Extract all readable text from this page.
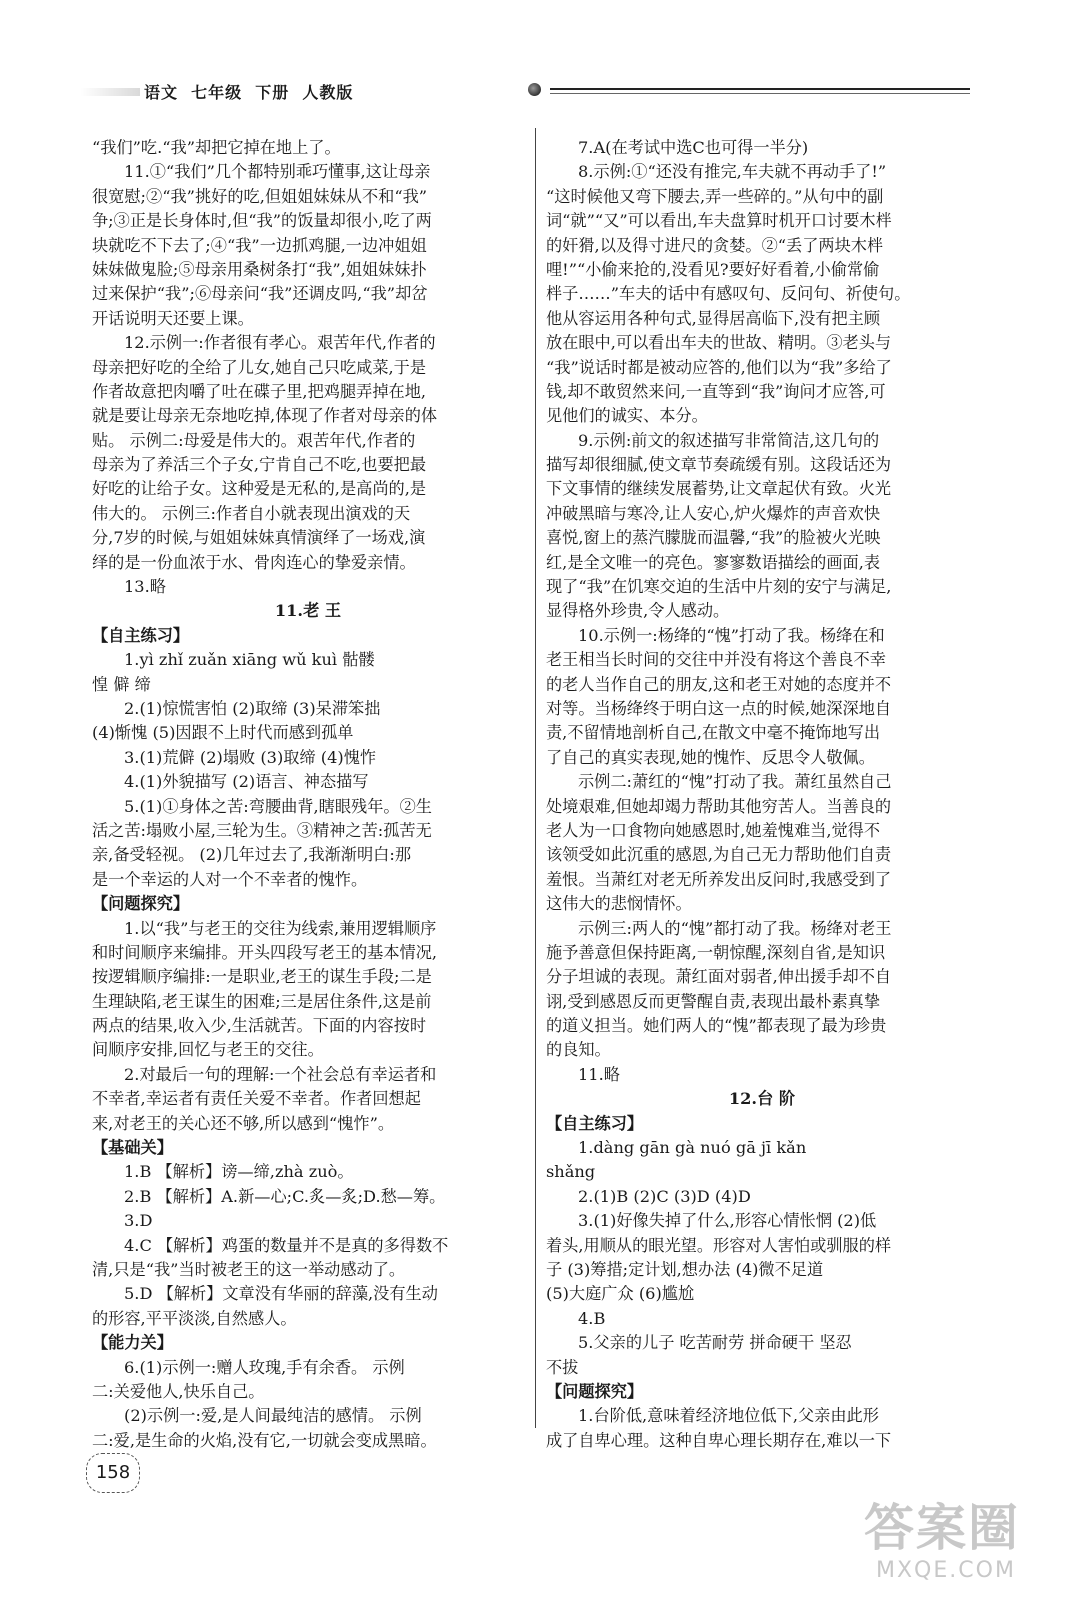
语文  七年级  下册  人教版
“我们”吃.“我”却把它掉在地上了。
11.①“我们”几个都特别乖巧懂事,这让母亲
很宽慰;②“我”挑好的吃,但姐姐妹妹从不和“我”
争;③正是长身体时,但“我”的饭量却很小,吃了两
块就吃不下去了;④“我”一边抓鸡腿,一边冲姐姐
妹妹做鬼脸;⑤母亲用桑树条打“我”,姐姐妹妹扑
过来保护“我”;⑥母亲问“我”还调皮吗,“我”却岔
开话说明天还要上课。
12.示例一:作者很有孝心。艰苦年代,作者的
母亲把好吃的全给了儿女,她自己只吃咸菜,于是
作者故意把肉嚼了吐在碟子里,把鸡腿弄掉在地,
就是要让母亲无奈地吃掉,体现了作者对母亲的体
贴。 示例二:母爱是伟大的。艰苦年代,作者的
母亲为了养活三个子女,宁肯自己不吃,也要把最
好吃的让给子女。这种爱是无私的,是高尚的,是
伟大的。 示例三:作者自小就表现出演戏的天
分,7岁的时候,与姐姐妹妹真情演绎了一场戏,演
绎的是一份血浓于水、骨肉连心的挚爱亲情。
13.略
11.老 王
【自主练习】
1.yì zhǐ zuǎn xiāng wǔ kuì 骷髅
惶 僻 缔
2.(1)惊慌害怕 (2)取缔 (3)呆滞笨拙
(4)惭愧 (5)因跟不上时代而感到孤单
3.(1)荒僻 (2)塌败 (3)取缔 (4)愧怍
4.(1)外貌描写 (2)语言、神态描写
5.(1)①身体之苦:弯腰曲背,瞎眼残年。②生
活之苦:塌败小屋,三轮为生。③精神之苦:孤苦无
亲,备受轻视。 (2)几年过去了,我渐渐明白:那
是一个幸运的人对一个不幸者的愧怍。
【问题探究】
1.以“我”与老王的交往为线索,兼用逻辑顺序
和时间顺序来编排。开头四段写老王的基本情况,
按逻辑顺序编排:一是职业,老王的谋生手段;二是
生理缺陷,老王谋生的困难;三是居住条件,这是前
两点的结果,收入少,生活就苦。下面的内容按时
间顺序安排,回忆与老王的交往。
2.对最后一句的理解:一个社会总有幸运者和
不幸者,幸运者有责任关爱不幸者。作者回想起
来,对老王的关心还不够,所以感到“愧怍”。
【基础关】
1.B 【解析】谤—缔,zhà zuò。
2.B 【解析】A.新—心;C.炙—炙;D.愁—筹。
3.D
4.C 【解析】鸡蛋的数量并不是真的多得数不
清,只是“我”当时被老王的这一举动感动了。
5.D 【解析】文章没有华丽的辞藻,没有生动
的形容,平平淡淡,自然感人。
【能力关】
6.(1)示例一:赠人玫瑰,手有余香。 示例
二:关爱他人,快乐自己。
(2)示例一:爱,是人间最纯洁的感情。 示例
二:爱,是生命的火焰,没有它,一切就会变成黑暗。
7.A(在考试中选C也可得一半分)
8.示例:①“还没有推完,车夫就不再动手了!”
“这时候他又弯下腰去,弄一些碎的。”从句中的副
词“就”“又”可以看出,车夫盘算时机开口讨要木柈
的奸猾,以及得寸进尺的贪婪。②“丢了两块木柈
哩!”“小偷来抢的,没看见?要好好看着,小偷常偷
柈子……”车夫的话中有感叹句、反问句、祈使句。
他从容运用各种句式,显得居高临下,没有把主顾
放在眼中,可以看出车夫的世故、精明。③老头与
“我”说话时都是被动应答的,他们以为“我”多给了
钱,却不敢贸然来问,一直等到“我”询问才应答,可
见他们的诚实、本分。
9.示例:前文的叙述描写非常简洁,这几句的
描写却很细腻,使文章节奏疏缓有别。这段话还为
下文事情的继续发展蓄势,让文章起伏有致。火光
冲破黑暗与寒冷,让人安心,炉火爆炸的声音欢快
喜悦,窗上的蒸汽朦胧而温馨,“我”的脸被火光映
红,是全文唯一的亮色。寥寥数语描绘的画面,表
现了“我”在饥寒交迫的生活中片刻的安宁与满足,
显得格外珍贵,令人感动。
10.示例一:杨绛的“愧”打动了我。杨绛在和
老王相当长时间的交往中并没有将这个善良不幸
的老人当作自己的朋友,这和老王对她的态度并不
对等。当杨绛终于明白这一点的时候,她深深地自
责,不留情地剖析自己,在散文中毫不掩饰地写出
了自己的真实表现,她的愧怍、反思令人敬佩。
示例二:萧红的“愧”打动了我。萧红虽然自己
处境艰难,但她却竭力帮助其他穷苦人。当善良的
老人为一口食物向她感恩时,她羞愧难当,觉得不
该领受如此沉重的感恩,为自己无力帮助他们自责
羞恨。当萧红对老无所养发出反问时,我感受到了
这伟大的悲悯情怀。
示例三:两人的“愧”都打动了我。杨绛对老王
施予善意但保持距离,一朝惊醒,深刻自省,是知识
分子坦诚的表现。萧红面对弱者,伸出援手却不自
诩,受到感恩反而更警醒自责,表现出最朴素真挚
的道义担当。她们两人的“愧”都表现了最为珍贵
的良知。
11.略
12.台 阶
【自主练习】
1.dàng gān gà nuó gā jī kǎn
shǎng
2.(1)B (2)C (3)D (4)D
3.(1)好像失掉了什么,形容心情怅惘 (2)低
着头,用顺从的眼光望。形容对人害怕或驯服的样
子 (3)筹措;定计划,想办法 (4)微不足道
(5)大庭广众 (6)尴尬
4.B
5.父亲的儿子 吃苦耐劳 拼命硬干 坚忍
不拔
【问题探究】
1.台阶低,意味着经济地位低下,父亲由此形
成了自卑心理。这种自卑心理长期存在,难以一下
158
答案圈
MXQE.COM
